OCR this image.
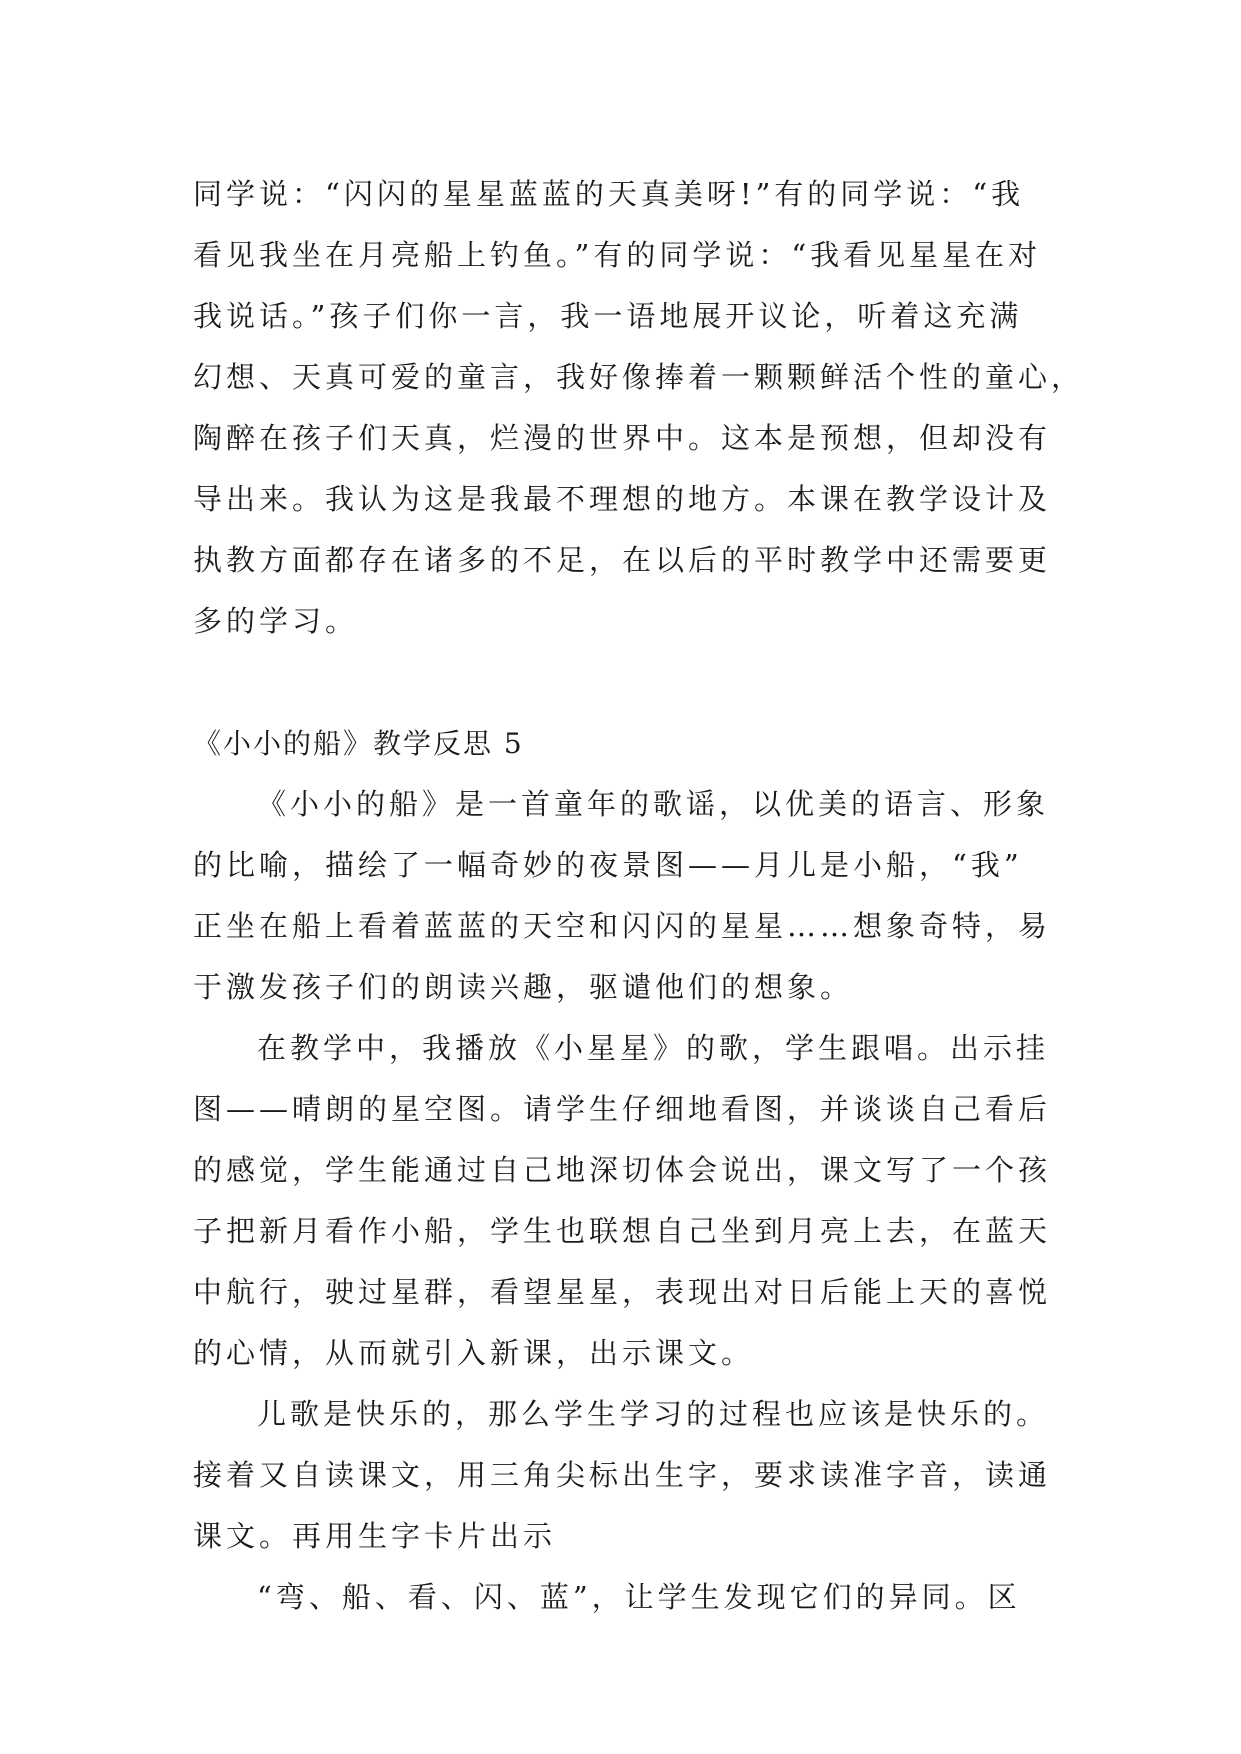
同学说：“闪闪的星星蓝蓝的天真美呀!”有的同学说：“我
看见我坐在月亮船上钓鱼。”有的同学说：“我看见星星在对
我说话。”孩子们你一言，我一语地展开议论，听着这充满
幻想、天真可爱的童言，我好像捧着一颗颗鲜活个性的童心，
陶醉在孩子们天真，烂漫的世界中。这本是预想，但却没有
导出来。我认为这是我最不理想的地方。本课在教学设计及
执教方面都存在诸多的不足，在以后的平时教学中还需要更
多的学习。
《小小的船》教学反思 5
《小小的船》是一首童年的歌谣，以优美的语言、形象
的比喻，描绘了一幅奇妙的夜景图——月儿是小船，“我”
正坐在船上看着蓝蓝的天空和闪闪的星星……想象奇特，易
于激发孩子们的朗读兴趣，驱谴他们的想象。
在教学中，我播放《小星星》的歌，学生跟唱。出示挂
图——晴朗的星空图。请学生仔细地看图，并谈谈自己看后
的感觉，学生能通过自己地深切体会说出，课文写了一个孩
子把新月看作小船，学生也联想自己坐到月亮上去，在蓝天
中航行，驶过星群，看望星星，表现出对日后能上天的喜悦
的心情，从而就引入新课，出示课文。
儿歌是快乐的，那么学生学习的过程也应该是快乐的。
接着又自读课文，用三角尖标出生字，要求读准字音，读通
课文。再用生字卡片出示
“弯、船、看、闪、蓝”，让学生发现它们的异同。区
